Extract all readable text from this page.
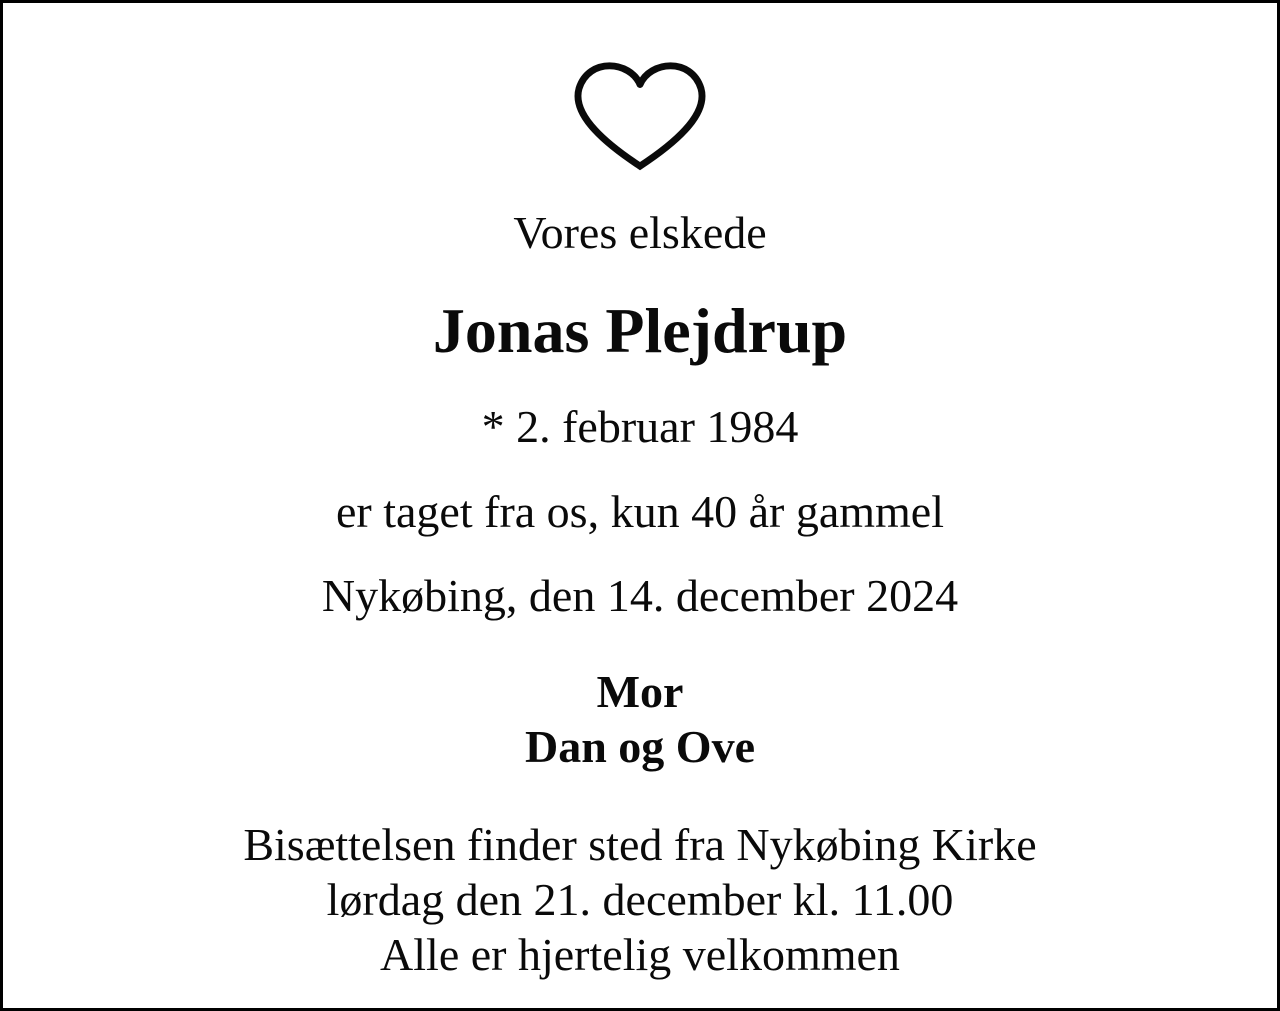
Vores elskede
Jonas Plejdrup
* 2. februar 1984
er taget fra os, kun 40 år gammel
Nykøbing, den 14. december 2024
Mor
Dan og Ove
Bisættelsen finder sted fra Nykøbing Kirke
lørdag den 21. december kl. 11.00
Alle er hjertelig velkommen
